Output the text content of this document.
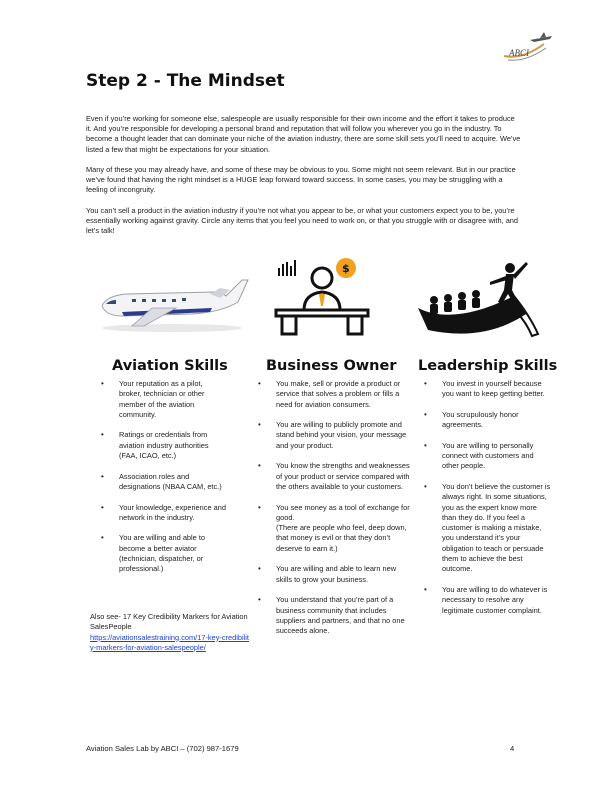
ABCI
Step 2 - The Mindset

Even if you’re working for someone else, salespeople are usually responsible for their own income and the effort it takes to produce it. And you’re responsible for developing a personal brand and reputation that will follow you wherever you go in the industry. To become a thought leader that can dominate your niche of the aviation industry, there are some skill sets you’ll need to acquire. We’ve listed a few that might be expectations for your situation.

Many of these you may already have, and some of these may be obvious to you. Some might not seem relevant. But in our practice we’ve found that having the right mindset is a HUGE leap forward toward success. In some cases, you may be struggling with a feeling of incongruity.

You can’t sell a product in the aviation industry if you’re not what you appear to be, or what your customers expect you to be, you’re essentially working against gravity. Circle any items that you feel you need to work on, or that you struggle with or disagree with, and let’s talk!

$
Aviation Skills	Business Owner Leadership Skills
• Your reputation as a pilot, broker, technician or other member of the aviation community.
• Ratings or credentials from aviation industry authorities (FAA, ICAO, etc.)
• Association roles and designations (NBAA CAM, etc.)
• Your knowledge, experience and network in the industry.
• You are willing and able to become a better aviator (technician, dispatcher, or professional.)
Also see- 17 Key Credibility Markers for Aviation SalesPeople
https://aviationsalestraining.com/17-key-credibility-markers-for-aviation-salespeople/
• You make, sell or provide a product or service that solves a problem or fills a need for aviation consumers.
• You are willing to publicly promote and stand behind your vision, your message and your product.
• You know the strengths and weaknesses of your product or service compared with the others available to your customers.
• You see money as a tool of exchange for good.
(There are people who feel, deep down, that money is evil or that they don’t deserve to earn it.)
• You are willing and able to learn new skills to grow your business.
• You understand that you’re part of a business community that includes suppliers and partners, and that no one succeeds alone.
• You invest in yourself because you want to keep getting better.
• You scrupulously honor agreements.
• You are willing to personally connect with customers and other people.
• You don’t believe the customer is always right. In some situations, you as the expert know more than they do. If you feel a customer is making a mistake, you understand it’s your obligation to teach or persuade them to achieve the best outcome.
• You are willing to do whatever is necessary to resolve any legitimate customer complaint.
Aviation Sales Lab by ABCI – (702) 987-1679	4
